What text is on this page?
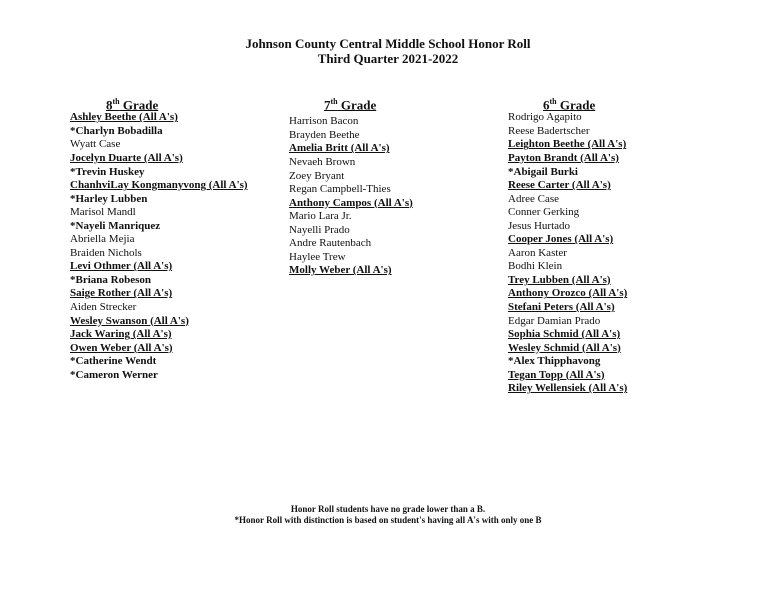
Johnson County Central Middle School Honor Roll
Third Quarter 2021-2022
8th Grade
Ashley Beethe (All A's)
*Charlyn Bobadilla
Wyatt Case
Jocelyn Duarte (All A's)
*Trevin Huskey
ChanhviLay Kongmanyvong (All A's)
*Harley Lubben
Marisol Mandl
*Nayeli Manriquez
Abriella Mejia
Braiden Nichols
Levi Othmer (All A's)
*Briana Robeson
Saige Rother (All A's)
Aiden Strecker
Wesley Swanson (All A's)
Jack Waring (All A's)
Owen Weber (All A's)
*Catherine Wendt
*Cameron Werner
7th Grade
Harrison Bacon
Brayden Beethe
Amelia Britt (All A's)
Nevaeh Brown
Zoey Bryant
Regan Campbell-Thies
Anthony Campos (All A's)
Mario Lara Jr.
Nayelli Prado
Andre Rautenbach
Haylee Trew
Molly Weber (All A's)
6th Grade
Rodrigo Agapito
Reese Badertscher
Leighton Beethe (All A's)
Payton Brandt (All A's)
*Abigail Burki
Reese Carter (All A's)
Adree Case
Conner Gerking
Jesus Hurtado
Cooper Jones (All A's)
Aaron Kaster
Bodhi Klein
Trey Lubben (All A's)
Anthony Orozco (All A's)
Stefani Peters (All A's)
Edgar Damian Prado
Sophia Schmid (All A's)
Wesley Schmid (All A's)
*Alex Thipphavong
Tegan Topp (All A's)
Riley Wellensiek (All A's)
Honor Roll students have no grade lower than a B.
*Honor Roll with distinction is based on student's having all A's with only one B
